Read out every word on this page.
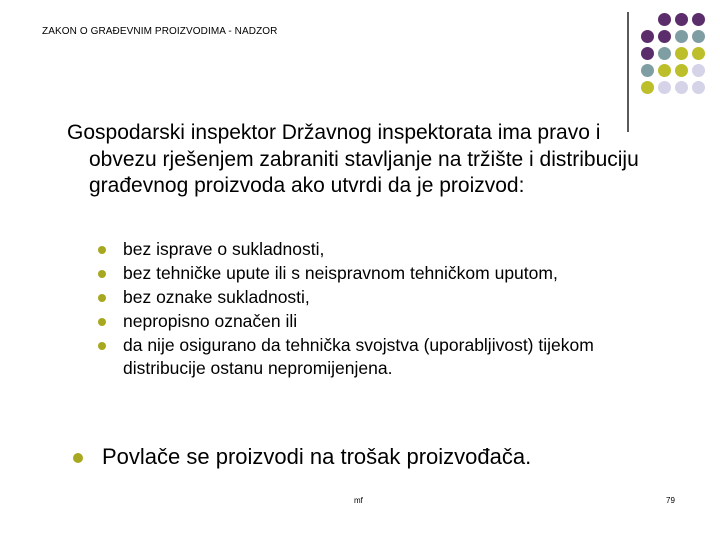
ZAKON O GRAĐEVNIM PROIZVODIMA - NADZOR
Gospodarski inspektor Državnog inspektorata ima pravo i obvezu rješenjem zabraniti stavljanje na tržište i distribuciju građevnog proizvoda ako utvrdi da je proizvod:
bez isprave o sukladnosti,
bez tehničke upute ili s neispravnom tehničkom uputom,
bez oznake sukladnosti,
nepropisno označen ili
da nije osigurano da tehnička svojstva (uporabljivost) tijekom distribucije ostanu nepromijenjena.
Povlače se proizvodi na trošak proizvođača.
mf	79
